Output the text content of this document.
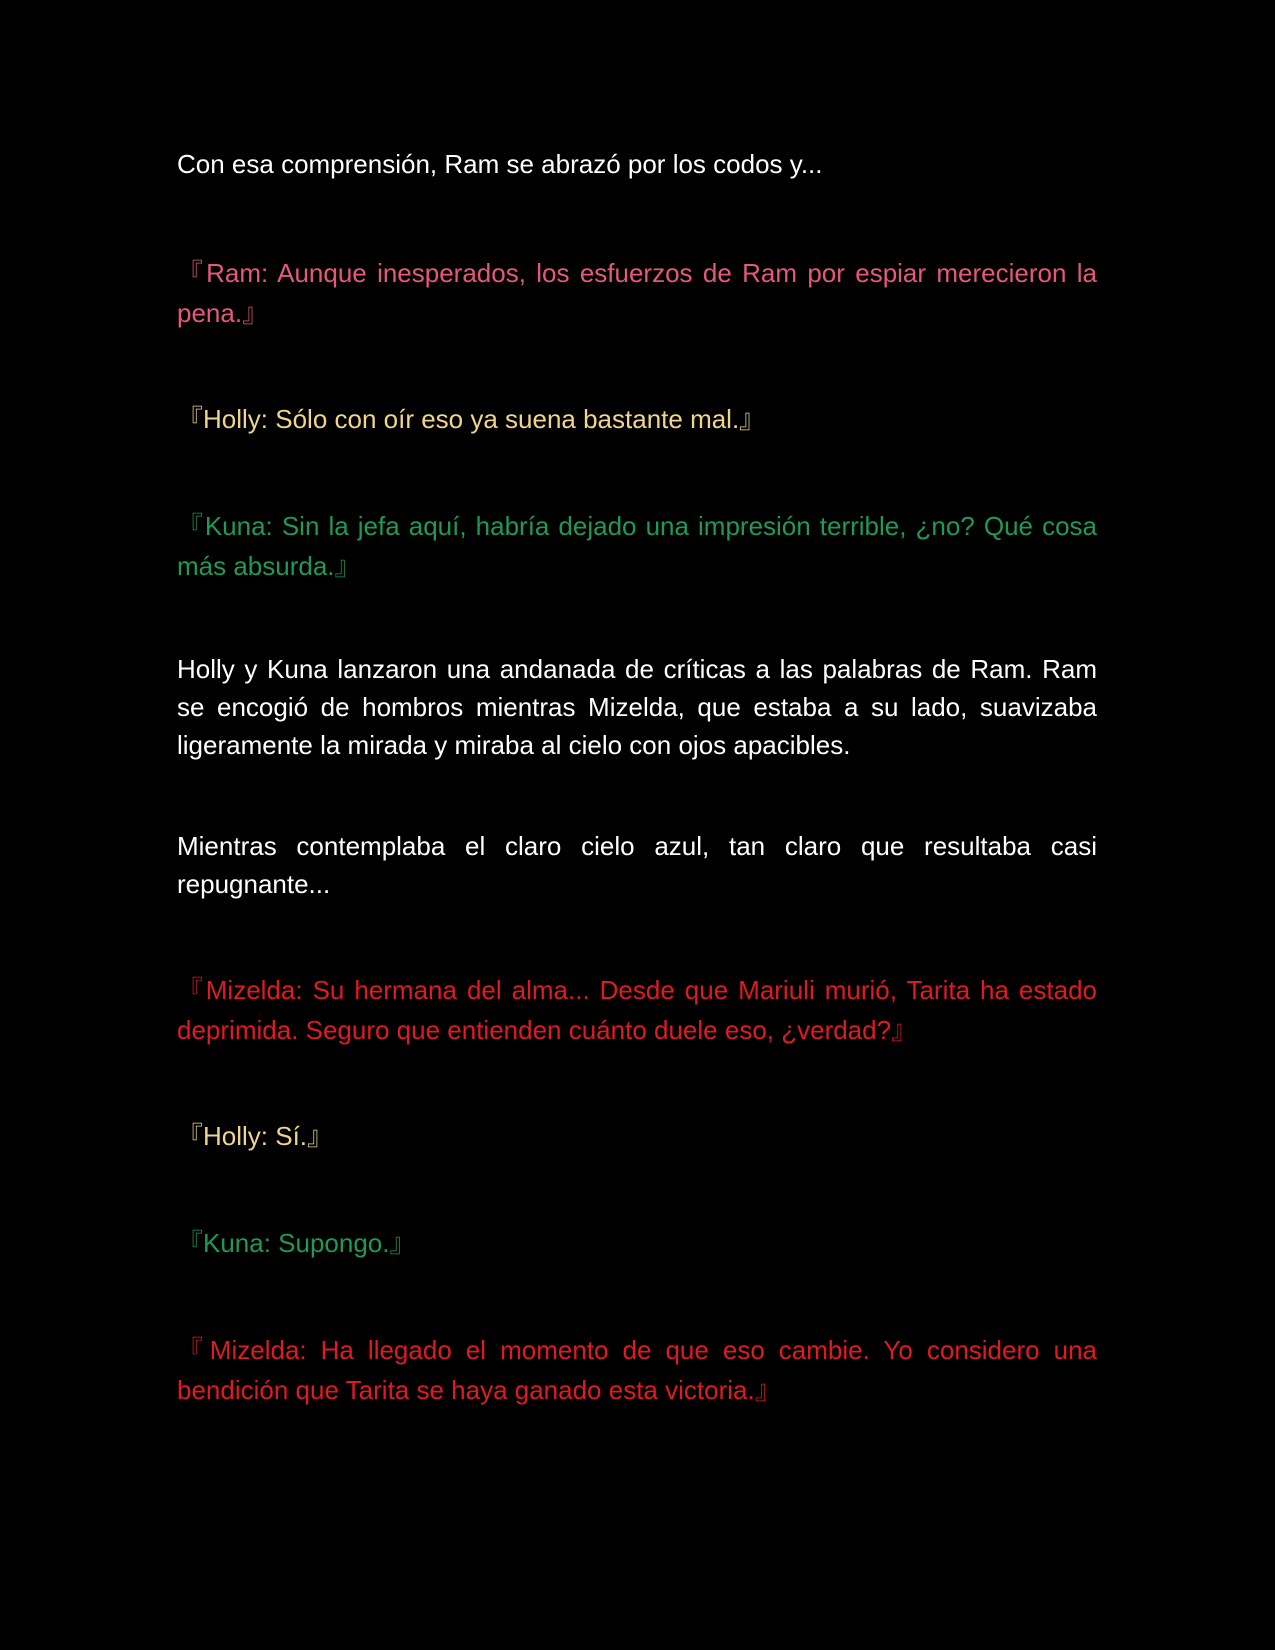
Con esa comprensión, Ram se abrazó por los codos y...

『Ram: Aunque inesperados, los esfuerzos de Ram por espiar merecieron la pena.』

『Holly: Sólo con oír eso ya suena bastante mal.』

『Kuna: Sin la jefa aquí, habría dejado una impresión terrible, ¿no? Qué cosa más absurda.』

Holly y Kuna lanzaron una andanada de críticas a las palabras de Ram. Ram se encogió de hombros mientras Mizelda, que estaba a su lado, suavizaba ligeramente la mirada y miraba al cielo con ojos apacibles.

Mientras contemplaba el claro cielo azul, tan claro que resultaba casi repugnante...

『Mizelda: Su hermana del alma... Desde que Mariuli murió, Tarita ha estado deprimida. Seguro que entienden cuánto duele eso, ¿verdad?』

『Holly: Sí.』

『Kuna: Supongo.』

『Mizelda: Ha llegado el momento de que eso cambie. Yo considero una bendición que Tarita se haya ganado esta victoria.』
